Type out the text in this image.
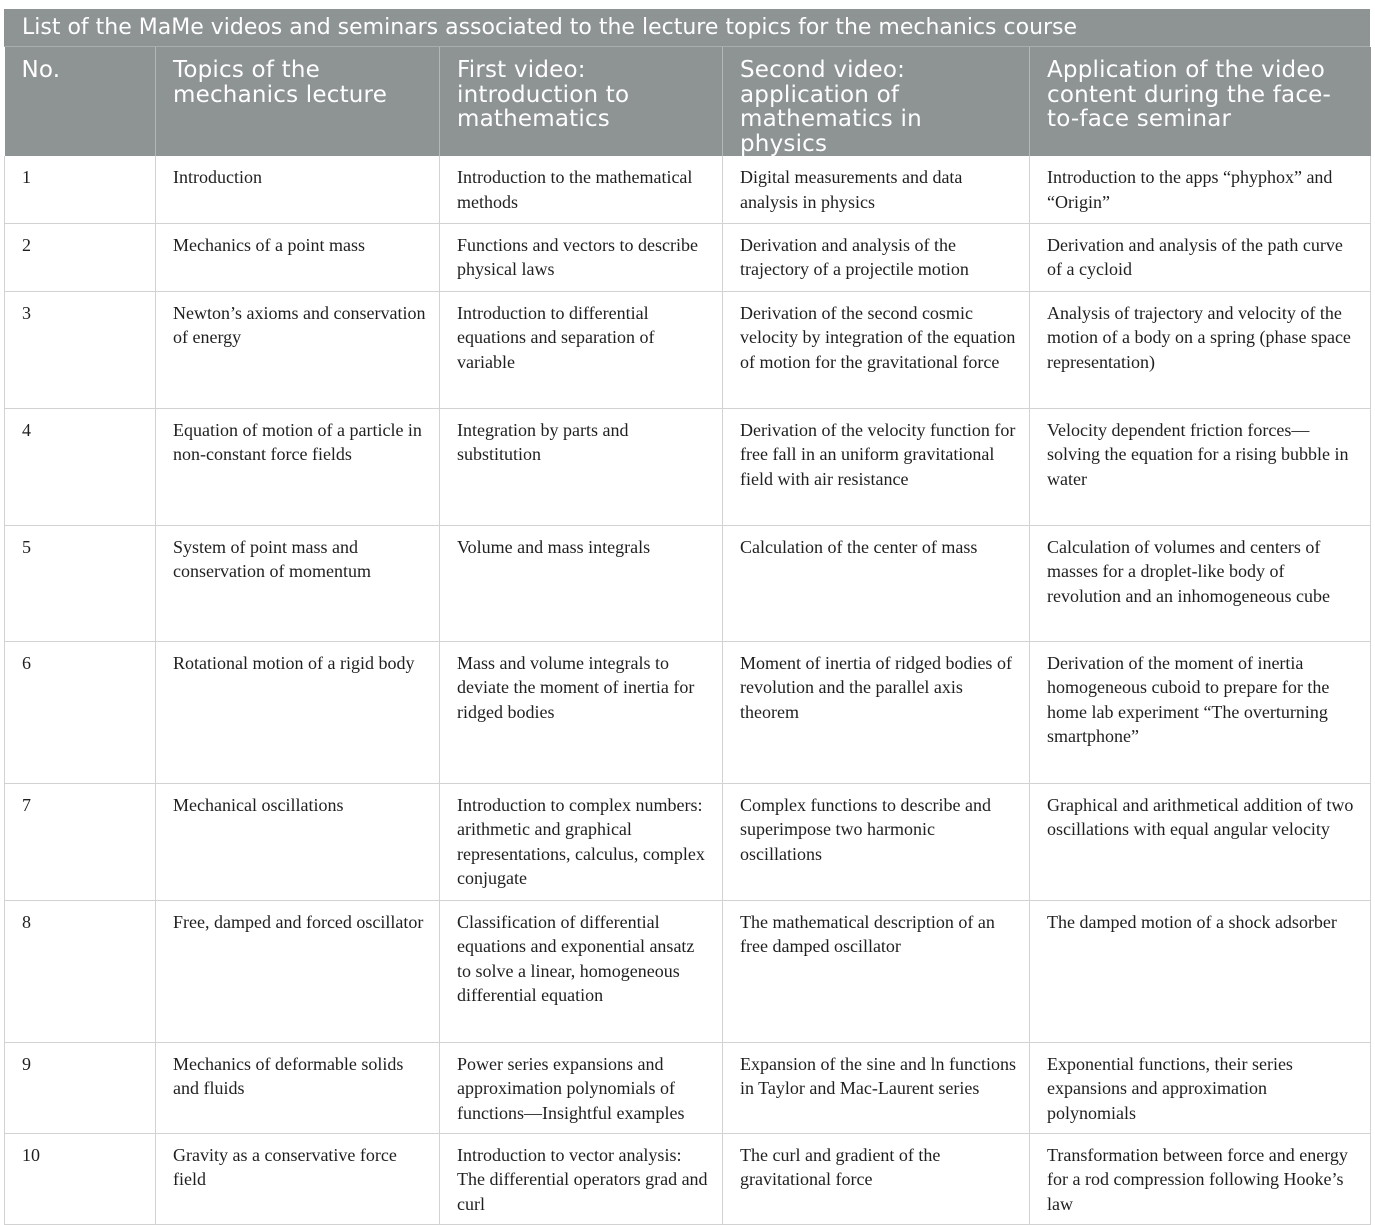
List of the MaMe videos and seminars associated to the lecture topics for the mechanics course
No.	Topics of the mechanics lecture	First video: introduction to mathematics	Second video: application of mathematics in physics	Application of the video content during the face-to-face seminar
1	Introduction	Introduction to the mathematical methods	Digital measurements and data analysis in physics	Introduction to the apps “phyphox” and “Origin”
2	Mechanics of a point mass	Functions and vectors to describe physical laws	Derivation and analysis of the trajectory of a projectile motion	Derivation and analysis of the path curve of a cycloid
3	Newton’s axioms and conservation of energy	Introduction to differential equations and separation of variable	Derivation of the second cosmic velocity by integration of the equation of motion for the gravitational force	Analysis of trajectory and velocity of the motion of a body on a spring (phase space representation)
4	Equation of motion of a particle in non-constant force fields	Integration by parts and substitution	Derivation of the velocity function for free fall in an uniform gravitational field with air resistance	Velocity dependent friction forces—solving the equation for a rising bubble in water
5	System of point mass and conservation of momentum	Volume and mass integrals	Calculation of the center of mass	Calculation of volumes and centers of masses for a droplet-like body of revolution and an inhomogeneous cube
6	Rotational motion of a rigid body	Mass and volume integrals to deviate the moment of inertia for ridged bodies	Moment of inertia of ridged bodies of revolution and the parallel axis theorem	Derivation of the moment of inertia homogeneous cuboid to prepare for the home lab experiment “The overturning smartphone”
7	Mechanical oscillations	Introduction to complex numbers: arithmetic and graphical representations, calculus, complex conjugate	Complex functions to describe and superimpose two harmonic oscillations	Graphical and arithmetical addition of two oscillations with equal angular velocity
8	Free, damped and forced oscillator	Classification of differential equations and exponential ansatz to solve a linear, homogeneous differential equation	The mathematical description of an free damped oscillator	The damped motion of a shock adsorber
9	Mechanics of deformable solids and fluids	Power series expansions and approximation polynomials of functions—Insightful examples	Expansion of the sine and ln functions in Taylor and Mac-Laurent series	Exponential functions, their series expansions and approximation polynomials
10	Gravity as a conservative force field	Introduction to vector analysis: The differential operators grad and curl	The curl and gradient of the gravitational force	Transformation between force and energy for a rod compression following Hooke’s law
